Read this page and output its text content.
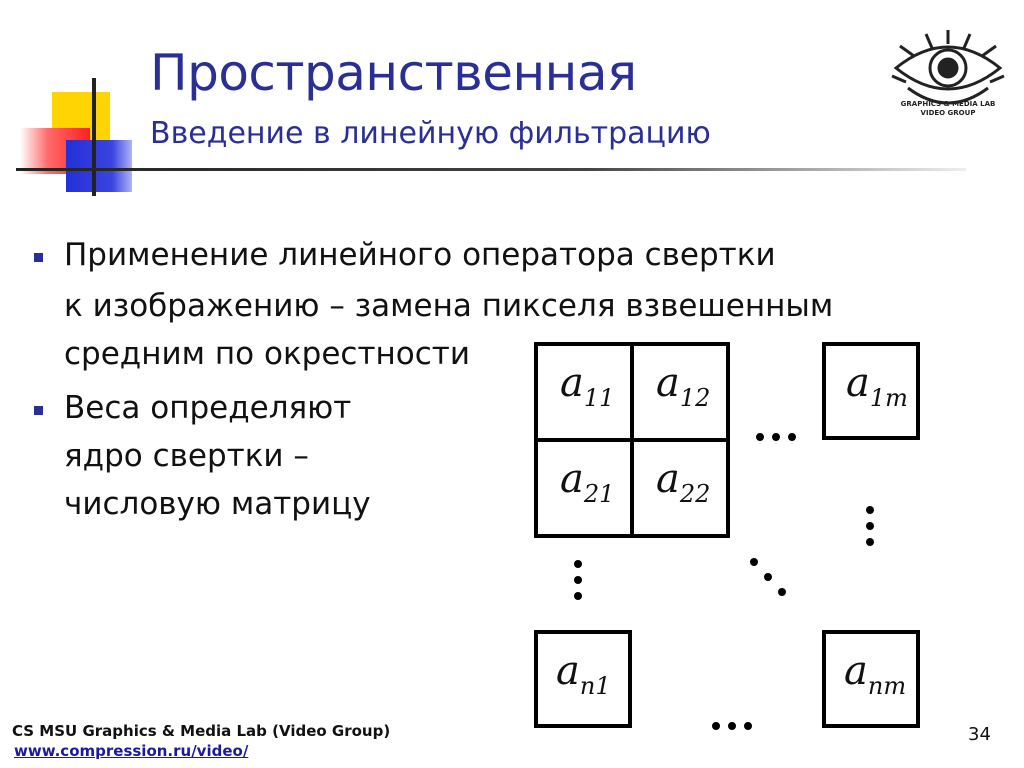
Пространственная
Введение в линейную фильтрацию
GRAPHICS & MEDIA LAB
VIDEO GROUP
Применение линейного оператора свертки
к изображению – замена пикселя взвешенным
средним по окрестности
Веса определяют
ядро свертки –
числовую матрицу
a11 a12
a21 a22
a1m
an1	anm
CS MSU Graphics & Media Lab (Video Group)
www.compression.ru/video/
34
